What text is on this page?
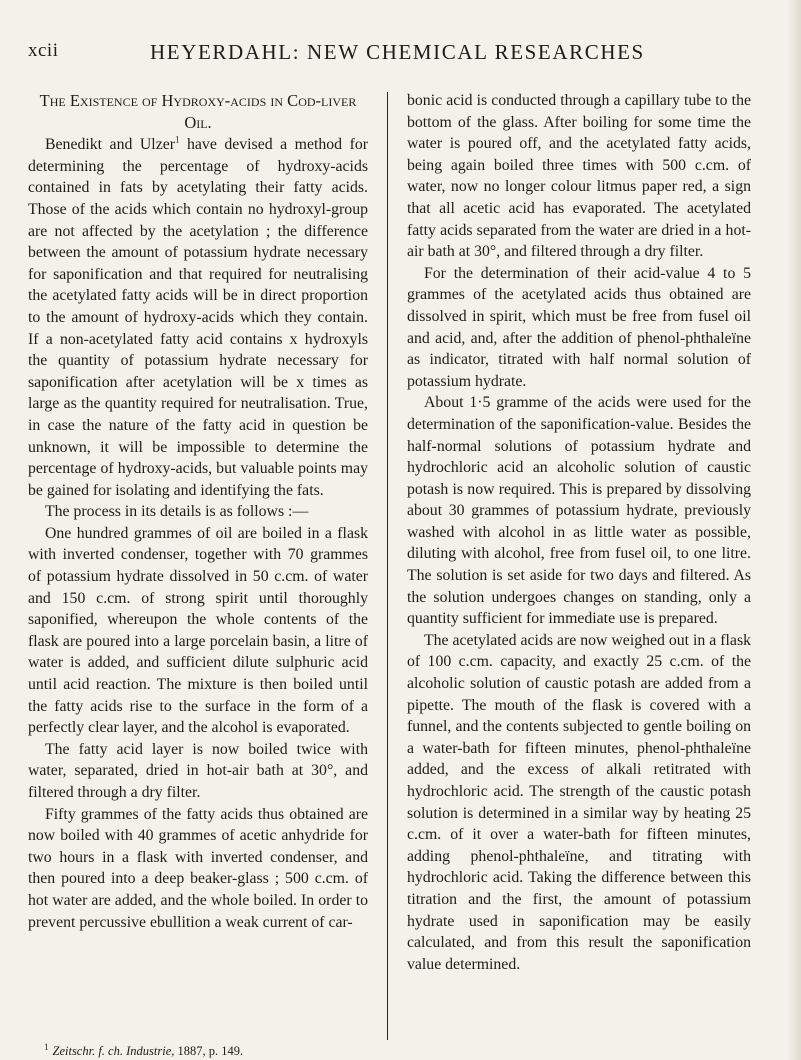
xcii	HEYERDAHL: NEW CHEMICAL RESEARCHES
The Existence of Hydroxy-acids in Cod-liver Oil.

Benedikt and Ulzer$^1$ have devised a method for determining the percentage of hydroxy-acids contained in fats by acetylating their fatty acids. Those of the acids which contain no hydroxyl-group are not affected by the acetylation ; the difference between the amount of potassium hydrate necessary for saponification and that required for neutralising the acetylated fatty acids will be in direct proportion to the amount of hydroxy-acids which they contain. If a non-acetylated fatty acid contains x hydroxyls the quantity of potassium hydrate necessary for saponification after acetylation will be x times as large as the quantity required for neutralisation. True, in case the nature of the fatty acid in question be unknown, it will be impossible to determine the percentage of hydroxy-acids, but valuable points may be gained for isolating and identifying the fats.

The process in its details is as follows :—

One hundred grammes of oil are boiled in a flask with inverted condenser, together with 70 grammes of potassium hydrate dissolved in 50 c.cm. of water and 150 c.cm. of strong spirit until thoroughly saponified, whereupon the whole contents of the flask are poured into a large porcelain basin, a litre of water is added, and sufficient dilute sulphuric acid until acid reaction. The mixture is then boiled until the fatty acids rise to the surface in the form of a perfectly clear layer, and the alcohol is evaporated.

The fatty acid layer is now boiled twice with water, separated, dried in hot-air bath at 30°, and filtered through a dry filter.

Fifty grammes of the fatty acids thus obtained are now boiled with 40 grammes of acetic anhydride for two hours in a flask with inverted condenser, and then poured into a deep beaker-glass ; 500 c.cm. of hot water are added, and the whole boiled. In order to prevent percussive ebullition a weak current of car-

bonic acid is conducted through a capillary tube to the bottom of the glass. After boiling for some time the water is poured off, and the acetylated fatty acids, being again boiled three times with 500 c.cm. of water, now no longer colour litmus paper red, a sign that all acetic acid has evaporated. The acetylated fatty acids separated from the water are dried in a hot-air bath at 30°, and filtered through a dry filter.

For the determination of their acid-value 4 to 5 grammes of the acetylated acids thus obtained are dissolved in spirit, which must be free from fusel oil and acid, and, after the addition of phenol-phthaleïne as indicator, titrated with half normal solution of potassium hydrate.

About 1·5 gramme of the acids were used for the determination of the saponification-value. Besides the half-normal solutions of potassium hydrate and hydrochloric acid an alcoholic solution of caustic potash is now required. This is prepared by dissolving about 30 grammes of potassium hydrate, previously washed with alcohol in as little water as possible, diluting with alcohol, free from fusel oil, to one litre. The solution is set aside for two days and filtered. As the solution undergoes changes on standing, only a quantity sufficient for immediate use is prepared.

The acetylated acids are now weighed out in a flask of 100 c.cm. capacity, and exactly 25 c.cm. of the alcoholic solution of caustic potash are added from a pipette. The mouth of the flask is covered with a funnel, and the contents subjected to gentle boiling on a water-bath for fifteen minutes, phenol-phthaleïne added, and the excess of alkali retitrated with hydrochloric acid. The strength of the caustic potash solution is determined in a similar way by heating 25 c.cm. of it over a water-bath for fifteen minutes, adding phenol-phthaleïne, and titrating with hydrochloric acid. Taking the difference between this titration and the first, the amount of potassium hydrate used in saponification may be easily calculated, and from this result the saponification value determined.

$^1$ Zeitschr. f. ch. Industrie, 1887, p. 149.
